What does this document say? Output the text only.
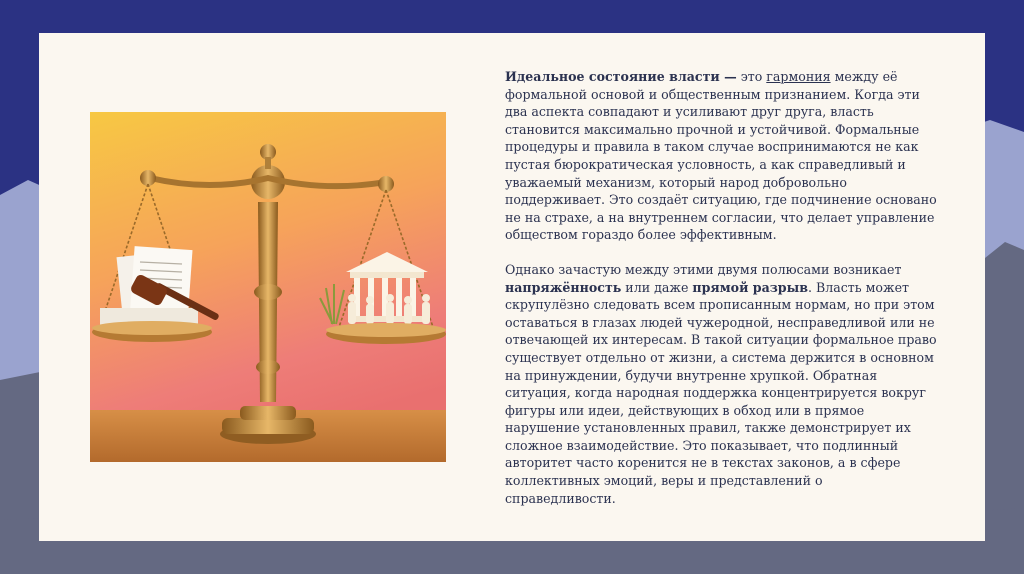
Идеальное состояние власти — это гармония между её формальной основой и общественным признанием. Когда эти два аспекта совпадают и усиливают друг друга, власть становится максимально прочной и устойчивой. Формальные процедуры и правила в таком случае воспринимаются не как пустая бюрократическая условность, а как справедливый и уважаемый механизм, который народ добровольно поддерживает. Это создаёт ситуацию, где подчинение основано не на страхе, а на внутреннем согласии, что делает управление обществом гораздо более эффективным.

Однако зачастую между этими двумя полюсами возникает напряжённость или даже прямой разрыв. Власть может скрупулёзно следовать всем прописанным нормам, но при этом оставаться в глазах людей чужеродной, несправедливой или не отвечающей их интересам. В такой ситуации формальное право существует отдельно от жизни, а система держится в основном на принуждении, будучи внутренне хрупкой. Обратная ситуация, когда народная поддержка концентрируется вокруг фигуры или идеи, действующих в обход или в прямое нарушение установленных правил, также демонстрирует их сложное взаимодействие. Это показывает, что подлинный авторитет часто коренится не в текстах законов, а в сфере коллективных эмоций, веры и представлений о справедливости.
